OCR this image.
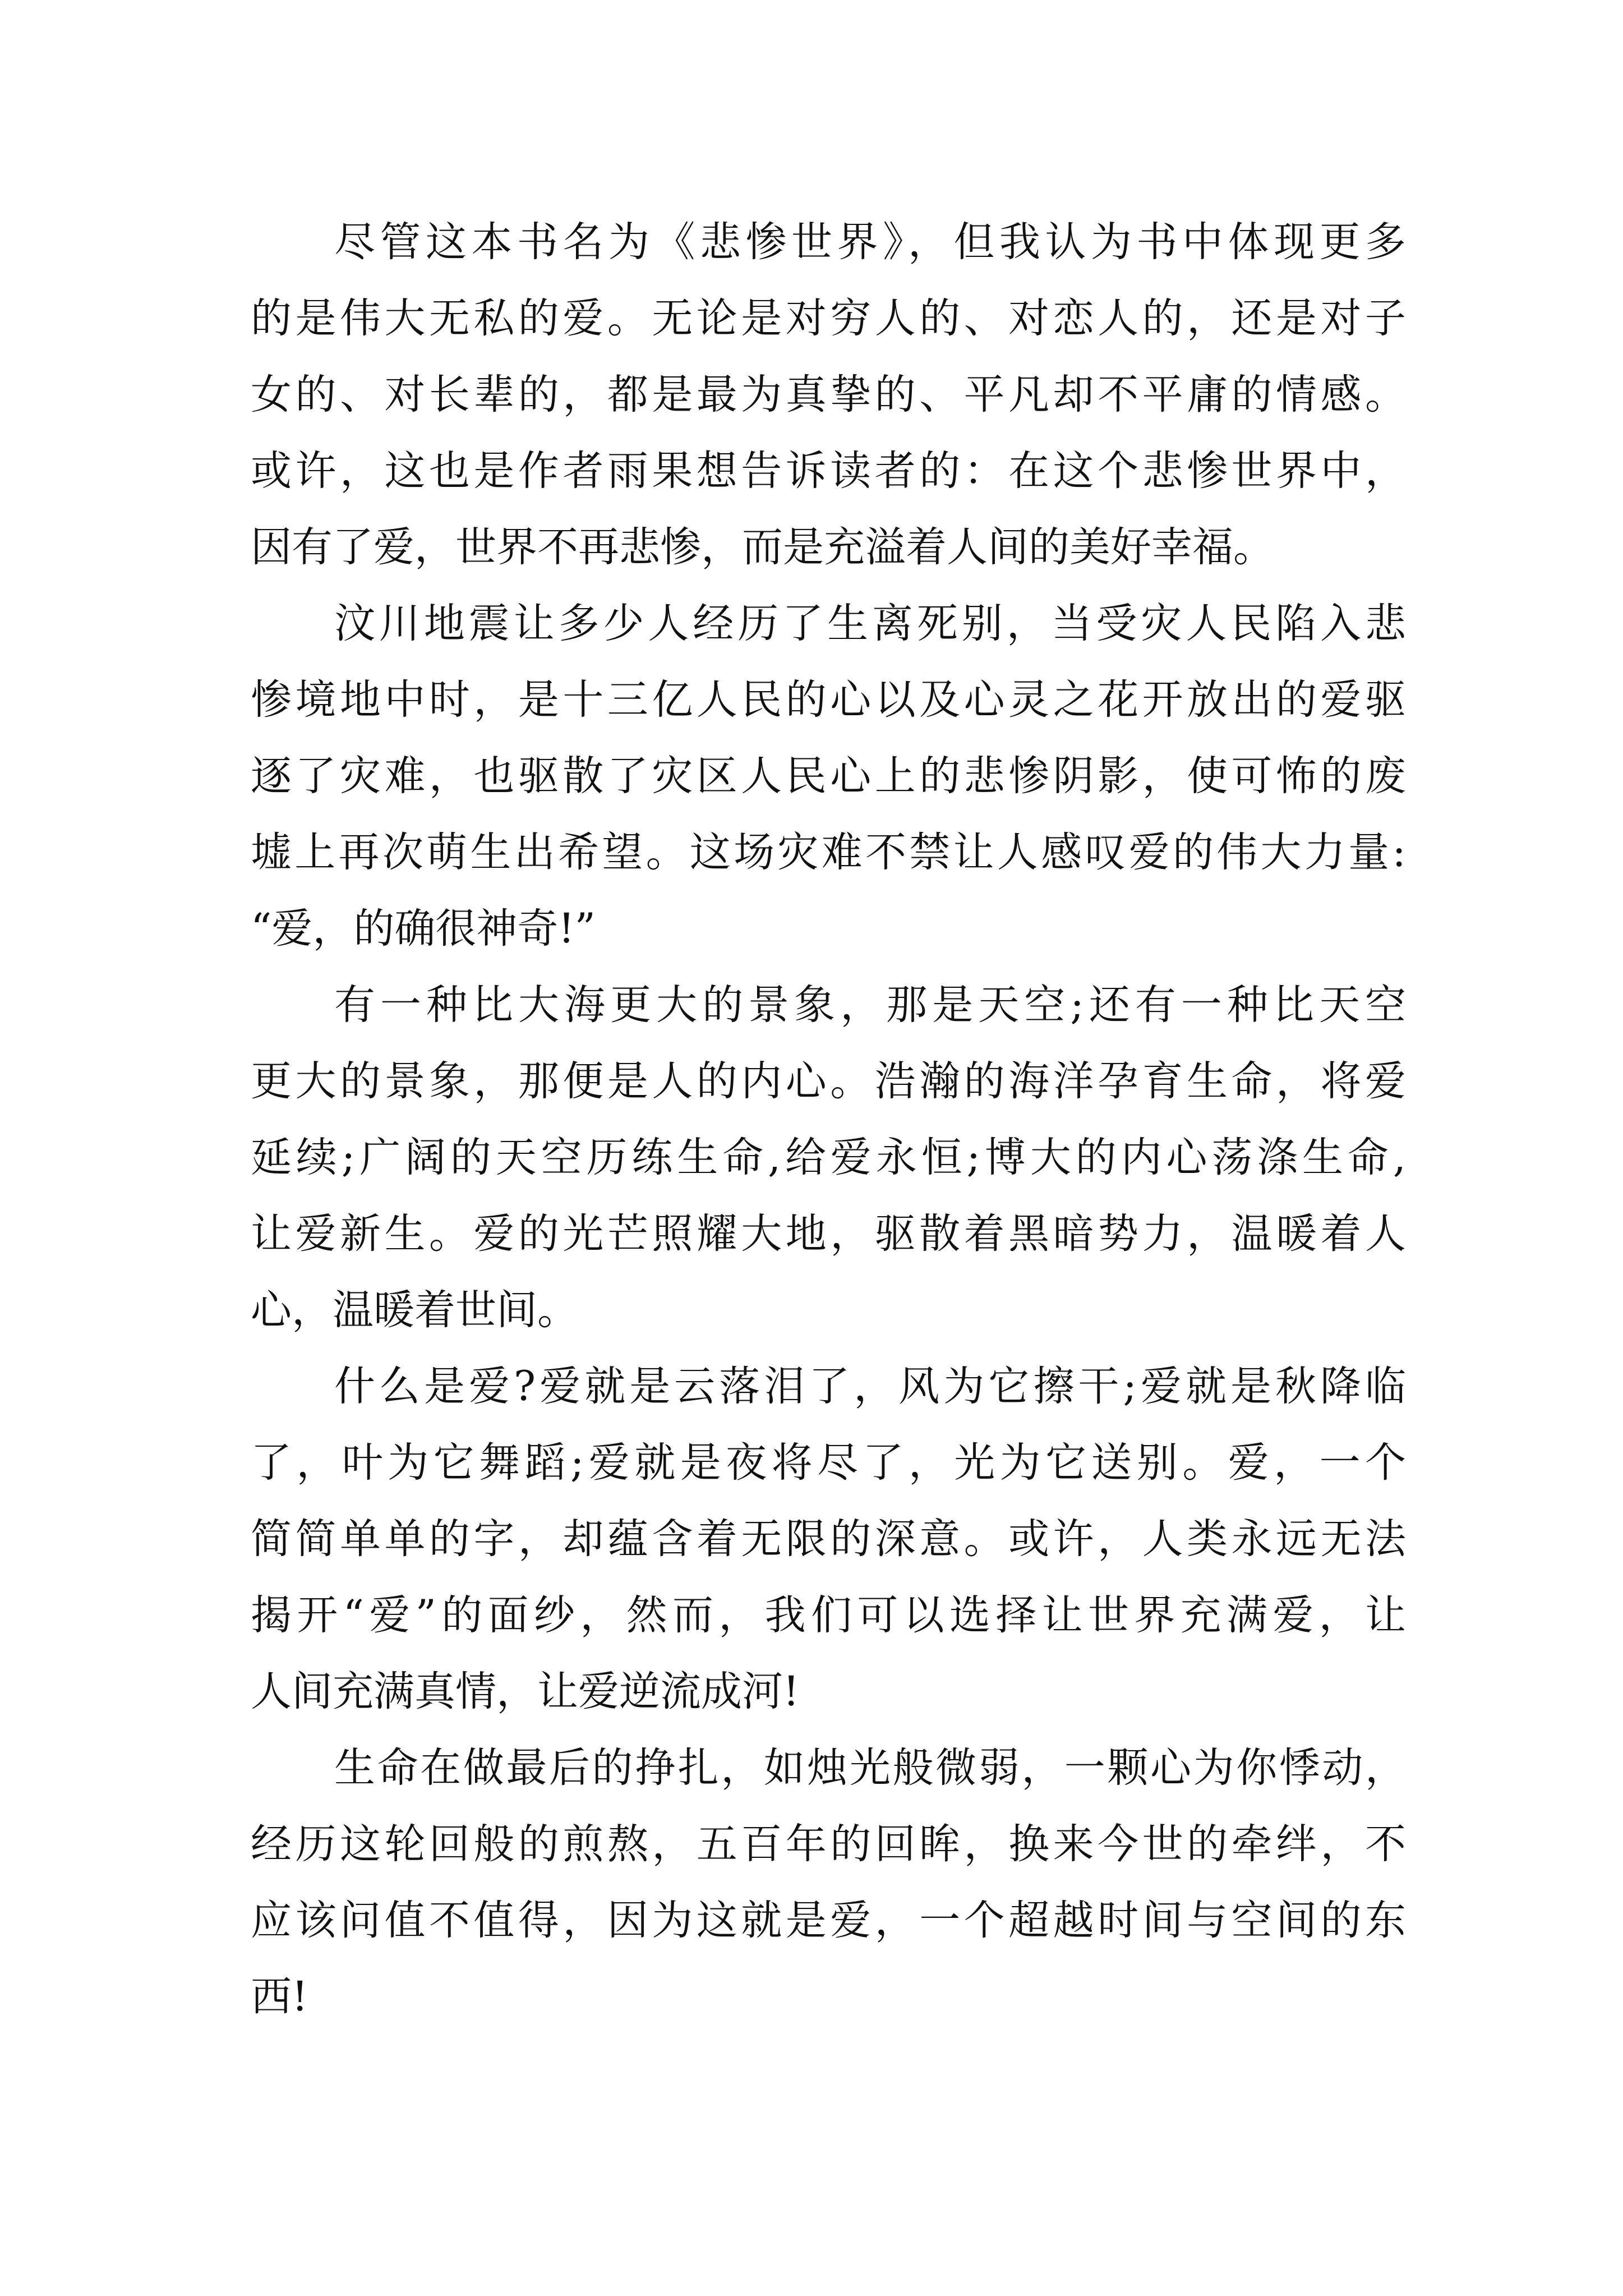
尽管这本书名为《悲惨世界》，但我认为书中体现更多
的是伟大无私的爱。无论是对穷人的、对恋人的，还是对子
女的、对长辈的，都是最为真挚的、平凡却不平庸的情感。
或许，这也是作者雨果想告诉读者的：在这个悲惨世界中，
因有了爱，世界不再悲惨，而是充溢着人间的美好幸福。
汶川地震让多少人经历了生离死别，当受灾人民陷入悲
惨境地中时，是十三亿人民的心以及心灵之花开放出的爱驱
逐了灾难，也驱散了灾区人民心上的悲惨阴影，使可怖的废
墟上再次萌生出希望。这场灾难不禁让人感叹爱的伟大力量:
“爱，的确很神奇!”
有一种比大海更大的景象，那是天空;还有一种比天空
更大的景象，那便是人的内心。浩瀚的海洋孕育生命，将爱
延续;广阔的天空历练生命,给爱永恒;博大的内心荡涤生命,
让爱新生。爱的光芒照耀大地，驱散着黑暗势力，温暖着人
心，温暖着世间。
什么是爱?爱就是云落泪了，风为它擦干;爱就是秋降临
了，叶为它舞蹈;爱就是夜将尽了，光为它送别。爱，一个
简简单单的字，却蕴含着无限的深意。或许，人类永远无法
揭开“爱”的面纱，然而，我们可以选择让世界充满爱，让
人间充满真情，让爱逆流成河!
生命在做最后的挣扎，如烛光般微弱，一颗心为你悸动，
经历这轮回般的煎熬，五百年的回眸，换来今世的牵绊，不
应该问值不值得，因为这就是爱，一个超越时间与空间的东
西!
